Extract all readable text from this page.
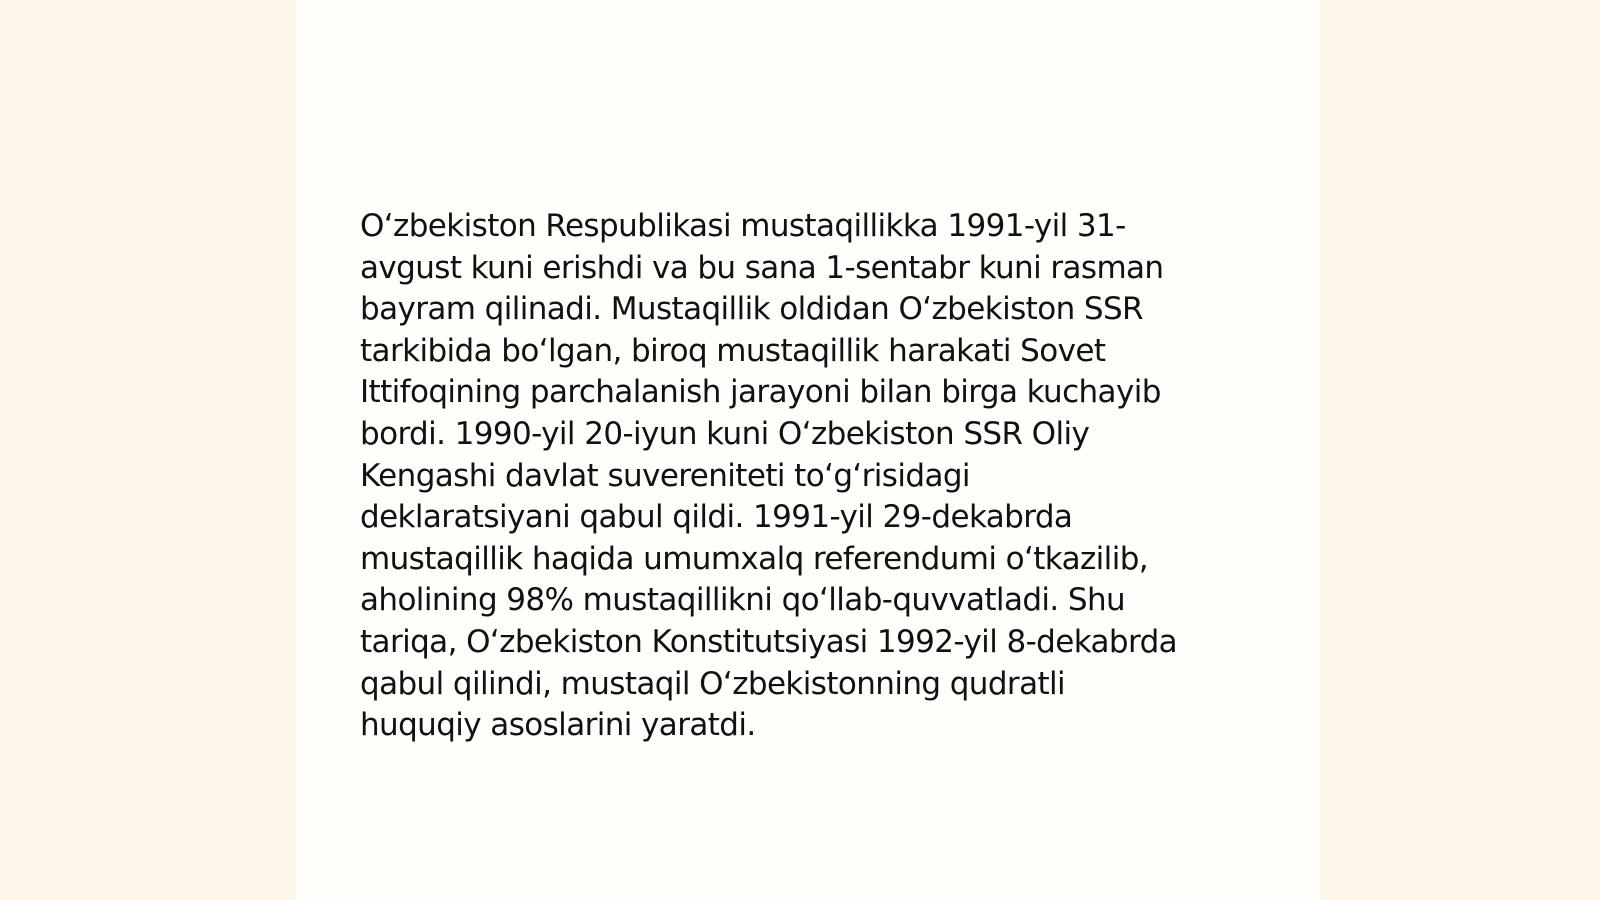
Oʻzbekiston Respublikasi mustaqillikka 1991-yil 31-
avgust kuni erishdi va bu sana 1-sentabr kuni rasman
bayram qilinadi. Mustaqillik oldidan Oʻzbekiston SSR
tarkibida boʻlgan, biroq mustaqillik harakati Sovet
Ittifoqining parchalanish jarayoni bilan birga kuchayib
bordi. 1990-yil 20-iyun kuni Oʻzbekiston SSR Oliy
Kengashi davlat suvereniteti toʻgʻrisidagi
deklaratsiyani qabul qildi. 1991-yil 29-dekabrda
mustaqillik haqida umumxalq referendumi oʻtkazilib,
aholining 98% mustaqillikni qoʻllab-quvvatladi. Shu
tariqa, Oʻzbekiston Konstitutsiyasi 1992-yil 8-dekabrda
qabul qilindi, mustaqil Oʻzbekistonning qudratli
huquqiy asoslarini yaratdi.
